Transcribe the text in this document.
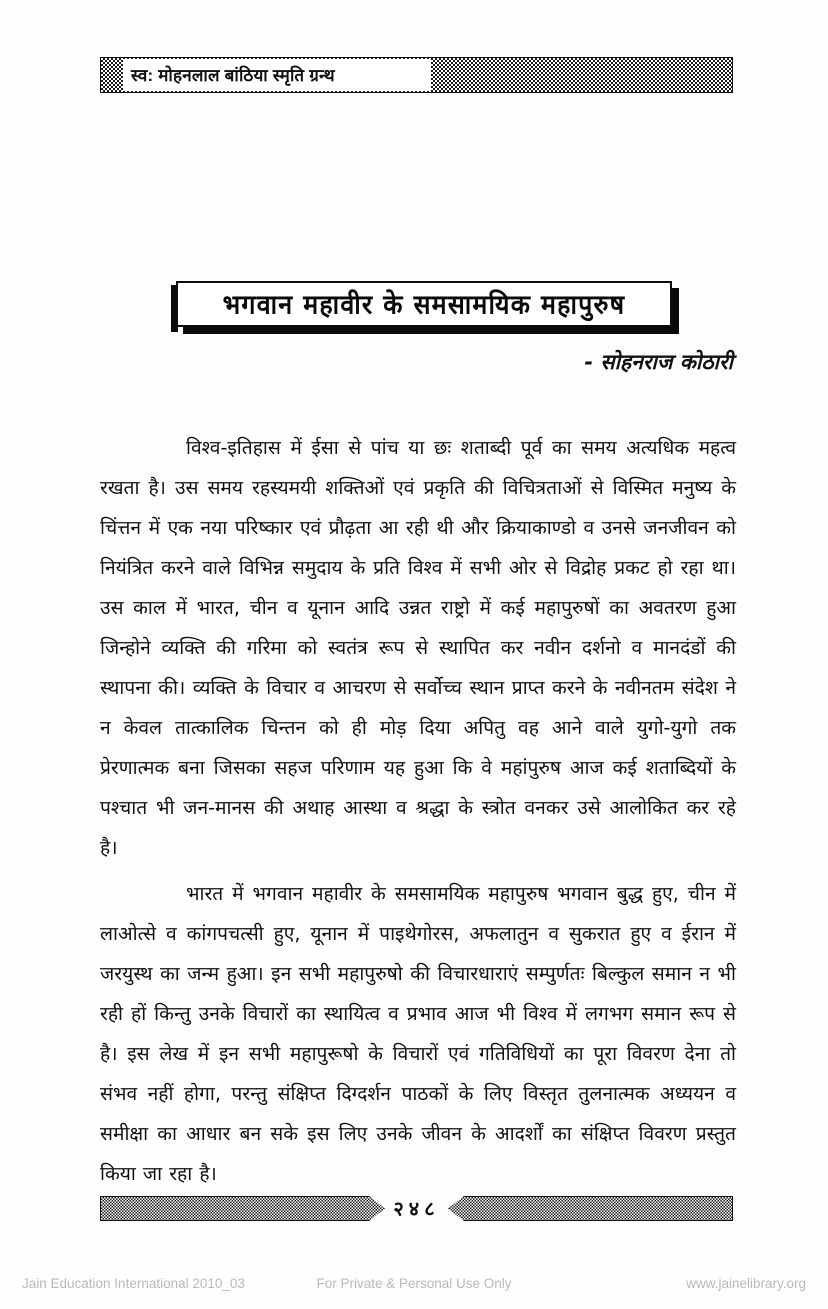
स्व: मोहनलाल बांठिया स्मृति ग्रन्थ
भगवान महावीर के समसामयिक महापुरुष
- सोहनराज कोठारी

विश्व-इतिहास में ईसा से पांच या छः शताब्दी पूर्व का समय अत्यधिक महत्व रखता है। उस समय रहस्यमयी शक्तिओं एवं प्रकृति की विचित्रताओं से विस्मित मनुष्य के चिंत्तन में एक नया परिष्कार एवं प्रौढ़ता आ रही थी और क्रियाकाण्डो व उनसे जनजीवन को नियंत्रित करने वाले विभिन्न समुदाय के प्रति विश्व में सभी ओर से विद्रोह प्रकट हो रहा था। उस काल में भारत, चीन व यूनान आदि उन्नत राष्ट्रो में कई महापुरुषों का अवतरण हुआ जिन्होने व्यक्ति की गरिमा को स्वतंत्र रूप से स्थापित कर नवीन दर्शनो व मानदंडों की स्थापना की। व्यक्ति के विचार व आचरण से सर्वोच्च स्थान प्राप्त करने के नवीनतम संदेश ने न केवल तात्कालिक चिन्तन को ही मोड़ दिया अपितु वह आने वाले युगो-युगो तक प्रेरणात्मक बना जिसका सहज परिणाम यह हुआ कि वे महांपुरुष आज कई शताब्दियों के पश्चात भी जन-मानस की अथाह आस्था व श्रद्धा के स्त्रोत वनकर उसे आलोकित कर रहे है।

भारत में भगवान महावीर के समसामयिक महापुरुष भगवान बुद्ध हुए, चीन में लाओत्से व कांगपचत्सी हुए, यूनान में पाइथेगोरस, अफलातुन व सुकरात हुए व ईरान में जरयुस्थ का जन्म हुआ। इन सभी महापुरुषो की विचारधाराएं सम्पुर्णतः बिल्कुल समान न भी रही हों किन्तु उनके विचारों का स्थायित्व व प्रभाव आज भी विश्व में लगभग समान रूप से है। इस लेख में इन सभी महापुरूषो के विचारों एवं गतिविधियों का पूरा विवरण देना तो संभव नहीं होगा, परन्तु संक्षिप्त दिग्दर्शन पाठकों के लिए विस्तृत तुलनात्मक अध्ययन व समीक्षा का आधार बन सके इस लिए उनके जीवन के आदर्शों का संक्षिप्त विवरण प्रस्तुत किया जा रहा है।

२४८
Jain Education International 2010_03	For Private & Personal Use Only	www.jainelibrary.org
